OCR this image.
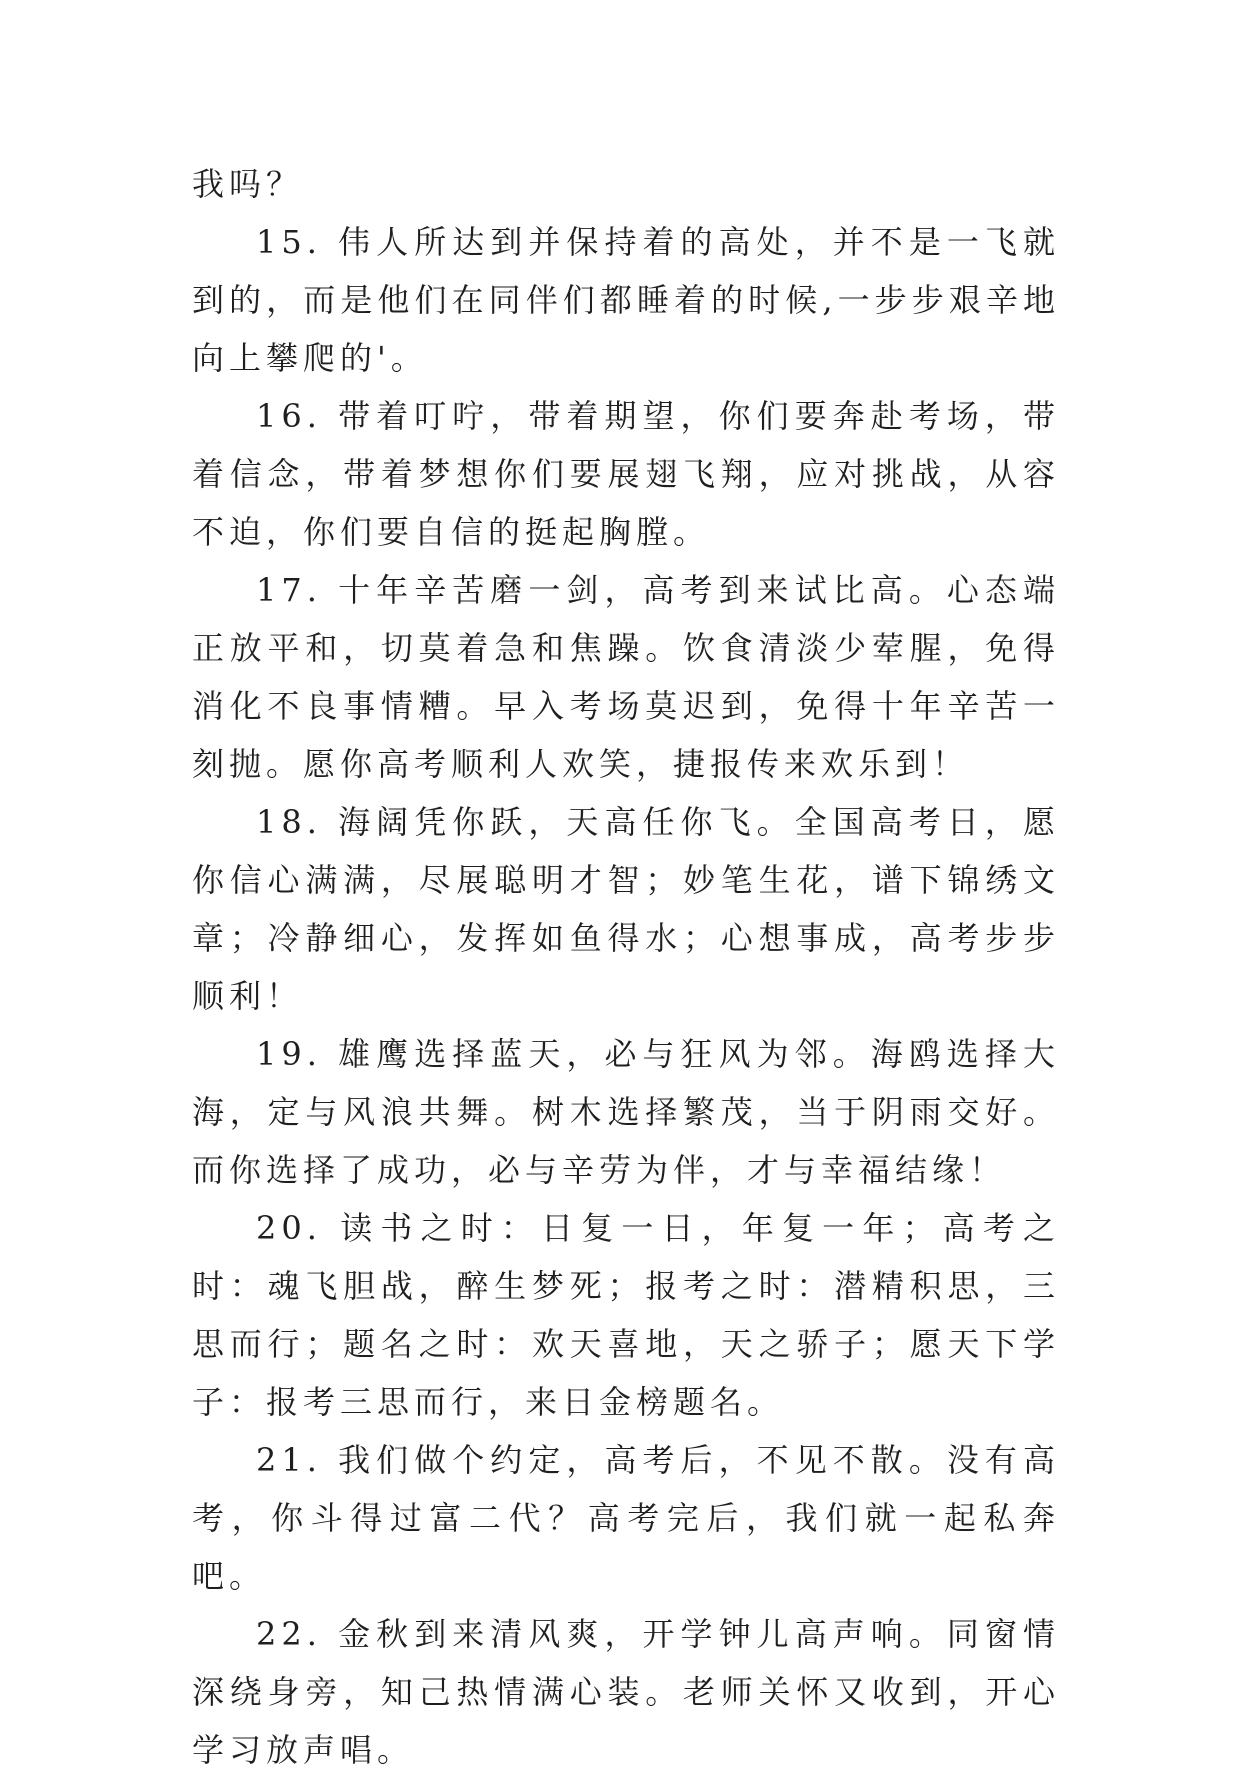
我吗？

15. 伟人所达到并保持着的高处，并不是一飞就到的，而是他们在同伴们都睡着的时候,一步步艰辛地向上攀爬的'。

16. 带着叮咛，带着期望，你们要奔赴考场，带着信念，带着梦想你们要展翅飞翔，应对挑战，从容不迫，你们要自信的挺起胸膛。

17. 十年辛苦磨一剑，高考到来试比高。心态端正放平和，切莫着急和焦躁。饮食清淡少荤腥，免得消化不良事情糟。早入考场莫迟到，免得十年辛苦一刻抛。愿你高考顺利人欢笑，捷报传来欢乐到！

18. 海阔凭你跃，天高任你飞。全国高考日，愿你信心满满，尽展聪明才智；妙笔生花，谱下锦绣文章；冷静细心，发挥如鱼得水；心想事成，高考步步顺利！

19. 雄鹰选择蓝天，必与狂风为邻。海鸥选择大海，定与风浪共舞。树木选择繁茂，当于阴雨交好。而你选择了成功，必与辛劳为伴，才与幸福结缘！

20. 读书之时：日复一日，年复一年；高考之时：魂飞胆战，醉生梦死；报考之时：潜精积思，三思而行；题名之时：欢天喜地，天之骄子；愿天下学子：报考三思而行，来日金榜题名。

21. 我们做个约定，高考后，不见不散。没有高考，你斗得过富二代？高考完后，我们就一起私奔吧。

22. 金秋到来清风爽，开学钟儿高声响。同窗情深绕身旁，知己热情满心装。老师关怀又收到，开心学习放声唱。
